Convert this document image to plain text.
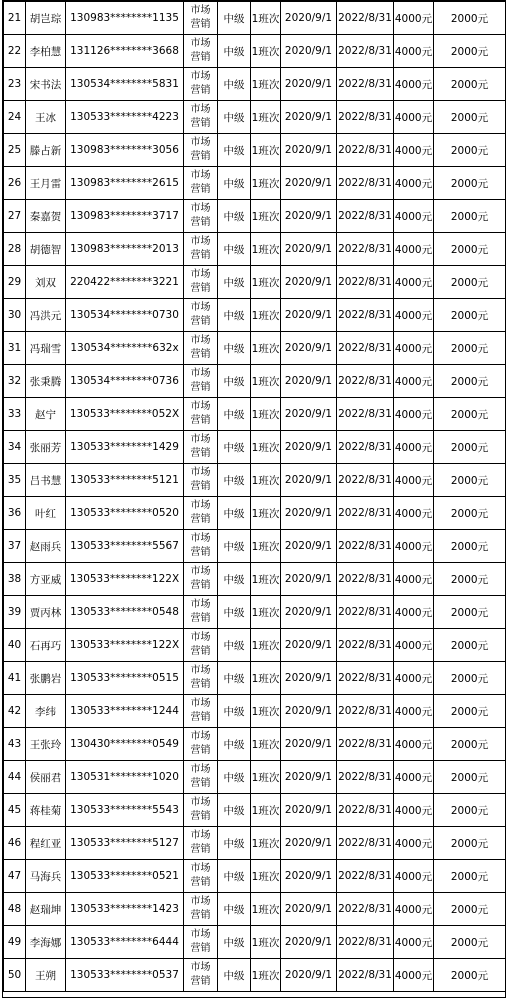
21	胡岂琮	130983********1135	市场
营销	中级	1班次	2020/9/1	2022/8/31	4000元	2000元
22	李柏慧	131126********3668	市场
营销	中级	1班次	2020/9/1	2022/8/31	4000元	2000元
23	宋书法	130534********5831	市场
营销	中级	1班次	2020/9/1	2022/8/31	4000元	2000元
24	王冰	130533********4223	市场
营销	中级	1班次	2020/9/1	2022/8/31	4000元	2000元
25	滕占新	130983********3056	市场
营销	中级	1班次	2020/9/1	2022/8/31	4000元	2000元
26	王月雷	130983********2615	市场
营销	中级	1班次	2020/9/1	2022/8/31	4000元	2000元
27	秦嘉贺	130983********3717	市场
营销	中级	1班次	2020/9/1	2022/8/31	4000元	2000元
28	胡德智	130983********2013	市场
营销	中级	1班次	2020/9/1	2022/8/31	4000元	2000元
29	刘双	220422********3221	市场
营销	中级	1班次	2020/9/1	2022/8/31	4000元	2000元
30	冯洪元	130534********0730	市场
营销	中级	1班次	2020/9/1	2022/8/31	4000元	2000元
31	冯瑞雪	130534********632x	市场
营销	中级	1班次	2020/9/1	2022/8/31	4000元	2000元
32	张秉腾	130534********0736	市场
营销	中级	1班次	2020/9/1	2022/8/31	4000元	2000元
33	赵宁	130533********052X	市场
营销	中级	1班次	2020/9/1	2022/8/31	4000元	2000元
34	张丽芳	130533********1429	市场
营销	中级	1班次	2020/9/1	2022/8/31	4000元	2000元
35	吕书慧	130533********5121	市场
营销	中级	1班次	2020/9/1	2022/8/31	4000元	2000元
36	叶红	130533********0520	市场
营销	中级	1班次	2020/9/1	2022/8/31	4000元	2000元
37	赵雨兵	130533********5567	市场
营销	中级	1班次	2020/9/1	2022/8/31	4000元	2000元
38	方亚威	130533********122X	市场
营销	中级	1班次	2020/9/1	2022/8/31	4000元	2000元
39	贾丙林	130533********0548	市场
营销	中级	1班次	2020/9/1	2022/8/31	4000元	2000元
40	石再巧	130533********122X	市场
营销	中级	1班次	2020/9/1	2022/8/31	4000元	2000元
41	张鹏岩	130533********0515	市场
营销	中级	1班次	2020/9/1	2022/8/31	4000元	2000元
42	李纬	130533********1244	市场
营销	中级	1班次	2020/9/1	2022/8/31	4000元	2000元
43	王张玲	130430********0549	市场
营销	中级	1班次	2020/9/1	2022/8/31	4000元	2000元
44	侯丽君	130531********1020	市场
营销	中级	1班次	2020/9/1	2022/8/31	4000元	2000元
45	蒋桂菊	130533********5543	市场
营销	中级	1班次	2020/9/1	2022/8/31	4000元	2000元
46	程红亚	130533********5127	市场
营销	中级	1班次	2020/9/1	2022/8/31	4000元	2000元
47	马海兵	130533********0521	市场
营销	中级	1班次	2020/9/1	2022/8/31	4000元	2000元
48	赵瑞坤	130533********1423	市场
营销	中级	1班次	2020/9/1	2022/8/31	4000元	2000元
49	李海娜	130533********6444	市场
营销	中级	1班次	2020/9/1	2022/8/31	4000元	2000元
50	王朔	130533********0537	市场
营销	中级	1班次	2020/9/1	2022/8/31	4000元	2000元
